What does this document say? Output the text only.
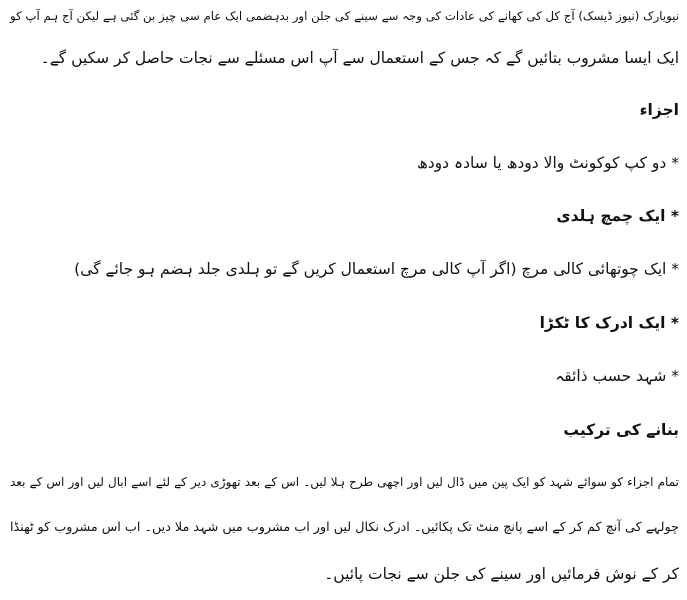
نیویارک (نیوز ڈیسک) آج کل کی کھانے کی عادات کی وجہ سے سینے کی جلن اور بدہضمی ایک عام سی چیز بن گئی ہے لیکن آج ہم آپ کو
ایک ایسا مشروب بتائیں گے کہ جس کے استعمال سے آپ اس مسئلے سے نجات حاصل کر سکیں گے۔
اجزاء
* دو کپ کوکونٹ والا دودھ یا سادہ دودھ
* ایک چمچ ہلدی
* ایک چوتھائی کالی مرچ (اگر آپ کالی مرچ استعمال کریں گے تو ہلدی جلد ہضم ہو جائے گی)
* ایک ادرک کا ٹکڑا
* شہد حسب ذائقہ
بنانے کی ترکیب
تمام اجزاء کو سوائے شہد کو ایک پین میں ڈال لیں اور اچھی طرح ہلا لیں۔ اس کے بعد تھوڑی دیر کے لئے اسے ابال لیں اور اس کے بعد
چولہے کی آنچ کم کر کے اسے پانچ منٹ تک پکائیں۔ ادرک نکال لیں اور اب مشروب میں شہد ملا دیں۔ اب اس مشروب کو ٹھنڈا
کر کے نوش فرمائیں اور سینے کی جلن سے نجات پائیں۔
